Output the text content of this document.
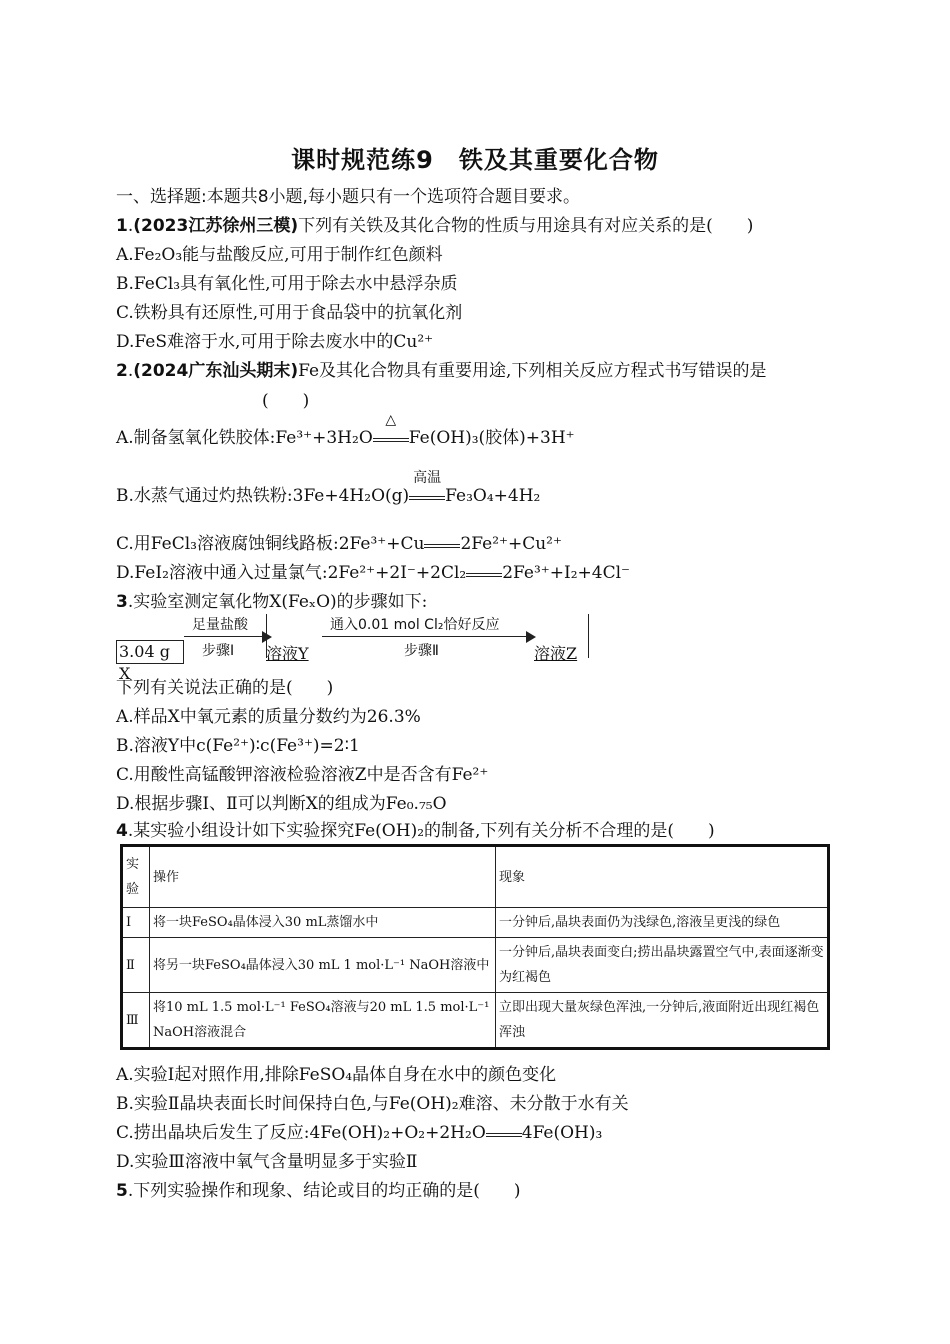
课时规范练9　铁及其重要化合物
一、选择题:本题共8小题,每小题只有一个选项符合题目要求。
1.(2023江苏徐州三模)下列有关铁及其化合物的性质与用途具有对应关系的是(　　)
A.Fe₂O₃能与盐酸反应,可用于制作红色颜料
B.FeCl₃具有氧化性,可用于除去水中悬浮杂质
C.铁粉具有还原性,可用于食品袋中的抗氧化剂
D.FeS难溶于水,可用于除去废水中的Cu²⁺
2.(2024广东汕头期末)Fe及其化合物具有重要用途,下列相关反应方程式书写错误的是
(　　)
A.制备氢氧化铁胶体:Fe³⁺+3H₂O
△
Fe(OH)₃(胶体)+3H⁺
B.水蒸气通过灼热铁粉:3Fe+4H₂O(g)
高温
Fe₃O₄+4H₂
C.用FeCl₃溶液腐蚀铜线路板:2Fe³⁺+Cu 2Fe²⁺+Cu²⁺
D.FeI₂溶液中通入过量氯气:2Fe²⁺+2I⁻+2Cl₂ 2Fe³⁺+I₂+4Cl⁻
3.实验室测定氧化物X(FeₓO)的步骤如下:
3.04 g X
足量盐酸
步骤Ⅰ 溶液Y
通入0.01 mol Cl₂恰好反应
步骤Ⅱ	溶液Z
下列有关说法正确的是(　　)
A.样品X中氧元素的质量分数约为26.3%
B.溶液Y中c(Fe²⁺)∶c(Fe³⁺)=2∶1
C.用酸性高锰酸钾溶液检验溶液Z中是否含有Fe²⁺
D.根据步骤Ⅰ、Ⅱ可以判断X的组成为Fe₀.₇₅O
4.某实验小组设计如下实验探究Fe(OH)₂的制备,下列有关分析不合理的是(　　)
实验	操作	现象
Ⅰ	将一块FeSO₄晶体浸入30 mL蒸馏水中	一分钟后,晶块表面仍为浅绿色,溶液呈更浅的绿色
Ⅱ	将另一块FeSO₄晶体浸入30 mL 1 mol·L⁻¹ NaOH溶液中	一分钟后,晶块表面变白;捞出晶块露置空气中,表面逐渐变为红褐色
Ⅲ	将10 mL 1.5 mol·L⁻¹ FeSO₄溶液与20 mL 1.5 mol·L⁻¹ NaOH溶液混合	立即出现大量灰绿色浑浊,一分钟后,液面附近出现红褐色浑浊
A.实验Ⅰ起对照作用,排除FeSO₄晶体自身在水中的颜色变化
B.实验Ⅱ晶块表面长时间保持白色,与Fe(OH)₂难溶、未分散于水有关
C.捞出晶块后发生了反应:4Fe(OH)₂+O₂+2H₂O 4Fe(OH)₃
D.实验Ⅲ溶液中氧气含量明显多于实验Ⅱ
5.下列实验操作和现象、结论或目的均正确的是(　　)
